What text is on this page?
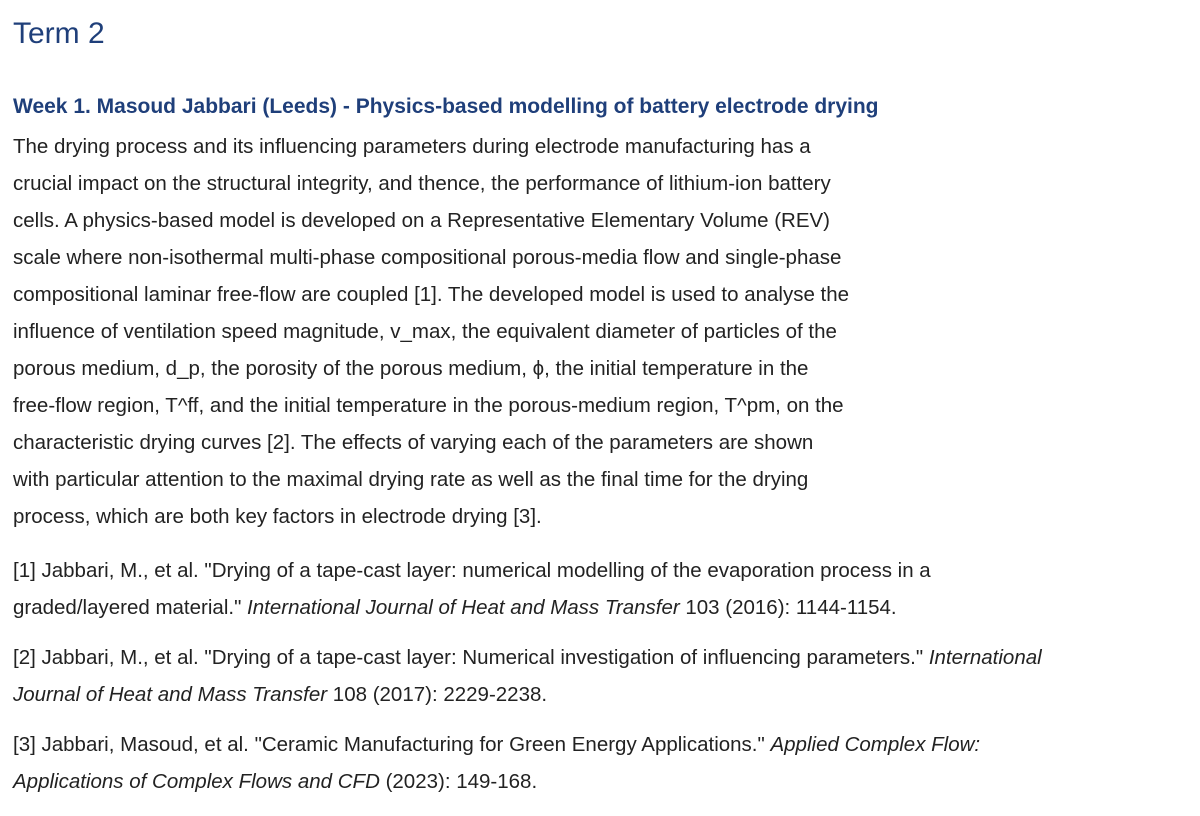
Term 2
Week 1. Masoud Jabbari (Leeds) - Physics-based modelling of battery electrode drying

The drying process and its influencing parameters during electrode manufacturing has a
crucial impact on the structural integrity, and thence, the performance of lithium-ion battery
cells. A physics-based model is developed on a Representative Elementary Volume (REV)
scale where non-isothermal multi-phase compositional porous-media flow and single-phase
compositional laminar free-flow are coupled [1]. The developed model is used to analyse the
influence of ventilation speed magnitude, v_max, the equivalent diameter of particles of the
porous medium, d_p, the porosity of the porous medium, ϕ, the initial temperature in the
free-flow region, T^ff, and the initial temperature in the porous-medium region, T^pm, on the
characteristic drying curves [2]. The effects of varying each of the parameters are shown
with particular attention to the maximal drying rate as well as the final time for the drying
process, which are both key factors in electrode drying [3].

[1] Jabbari, M., et al. "Drying of a tape-cast layer: numerical modelling of the evaporation process in a
graded/layered material." International Journal of Heat and Mass Transfer 103 (2016): 1144-1154.

[2] Jabbari, M., et al. "Drying of a tape-cast layer: Numerical investigation of influencing parameters." International
Journal of Heat and Mass Transfer 108 (2017): 2229-2238.

[3] Jabbari, Masoud, et al. "Ceramic Manufacturing for Green Energy Applications." Applied Complex Flow:
Applications of Complex Flows and CFD (2023): 149-168.
